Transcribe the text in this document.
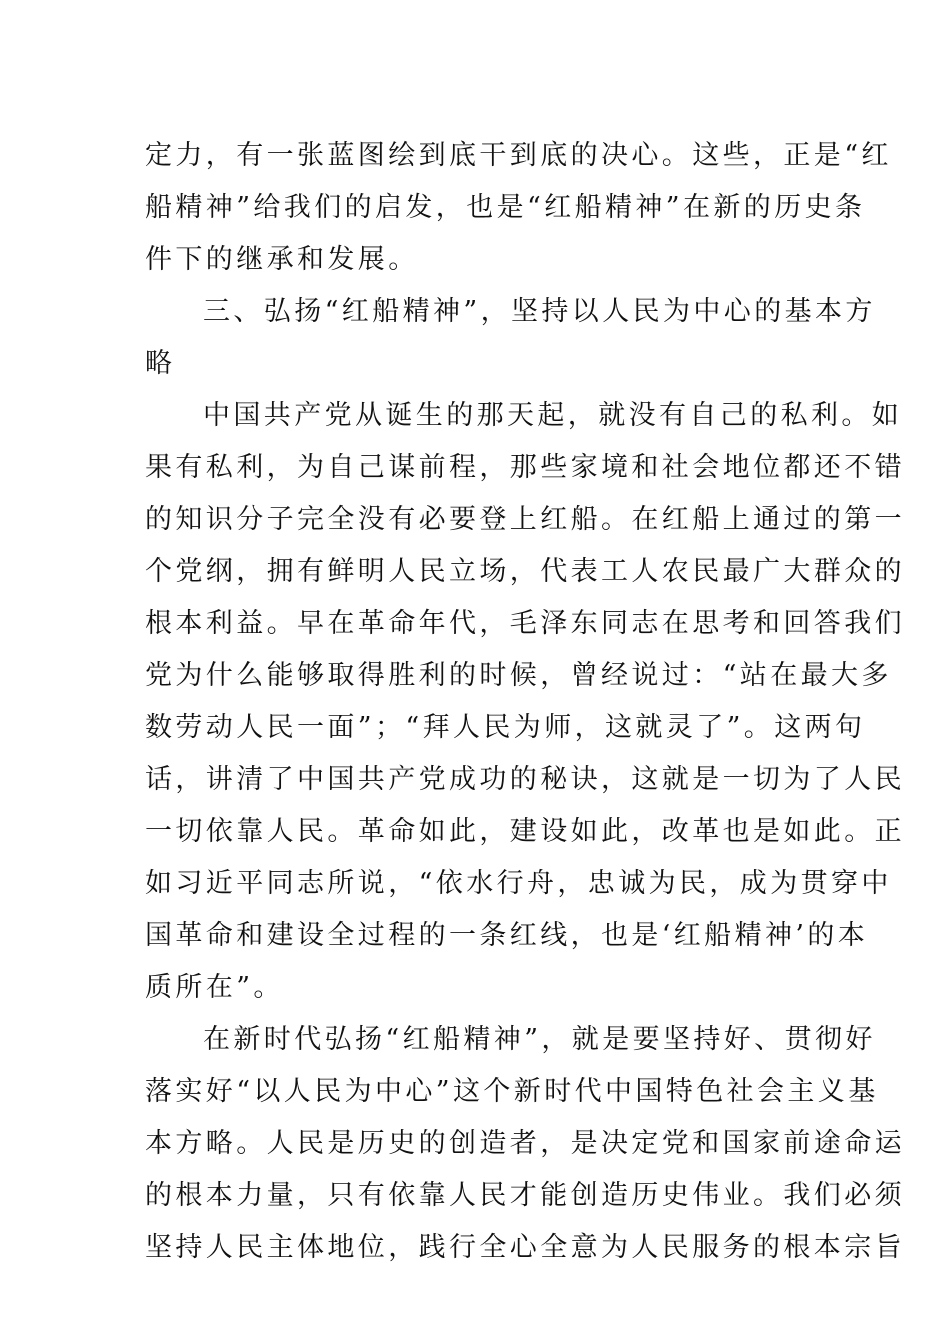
定力，有一张蓝图绘到底干到底的决心。这些，正是“红
船精神”给我们的启发，也是“红船精神”在新的历史条
件下的继承和发展。
三、弘扬“红船精神”，坚持以人民为中心的基本方
略
中国共产党从诞生的那天起，就没有自己的私利。如
果有私利，为自己谋前程，那些家境和社会地位都还不错
的知识分子完全没有必要登上红船。在红船上通过的第一
个党纲，拥有鲜明人民立场，代表工人农民最广大群众的
根本利益。早在革命年代，毛泽东同志在思考和回答我们
党为什么能够取得胜利的时候，曾经说过：“站在最大多
数劳动人民一面”；“拜人民为师，这就灵了”。这两句
话，讲清了中国共产党成功的秘诀，这就是一切为了人民
一切依靠人民。革命如此，建设如此，改革也是如此。正
如习近平同志所说，“依水行舟，忠诚为民，成为贯穿中
国革命和建设全过程的一条红线，也是‘红船精神’的本
质所在”。
在新时代弘扬“红船精神”，就是要坚持好、贯彻好
落实好“以人民为中心”这个新时代中国特色社会主义基
本方略。人民是历史的创造者，是决定党和国家前途命运
的根本力量，只有依靠人民才能创造历史伟业。我们必须
坚持人民主体地位，践行全心全意为人民服务的根本宗旨
